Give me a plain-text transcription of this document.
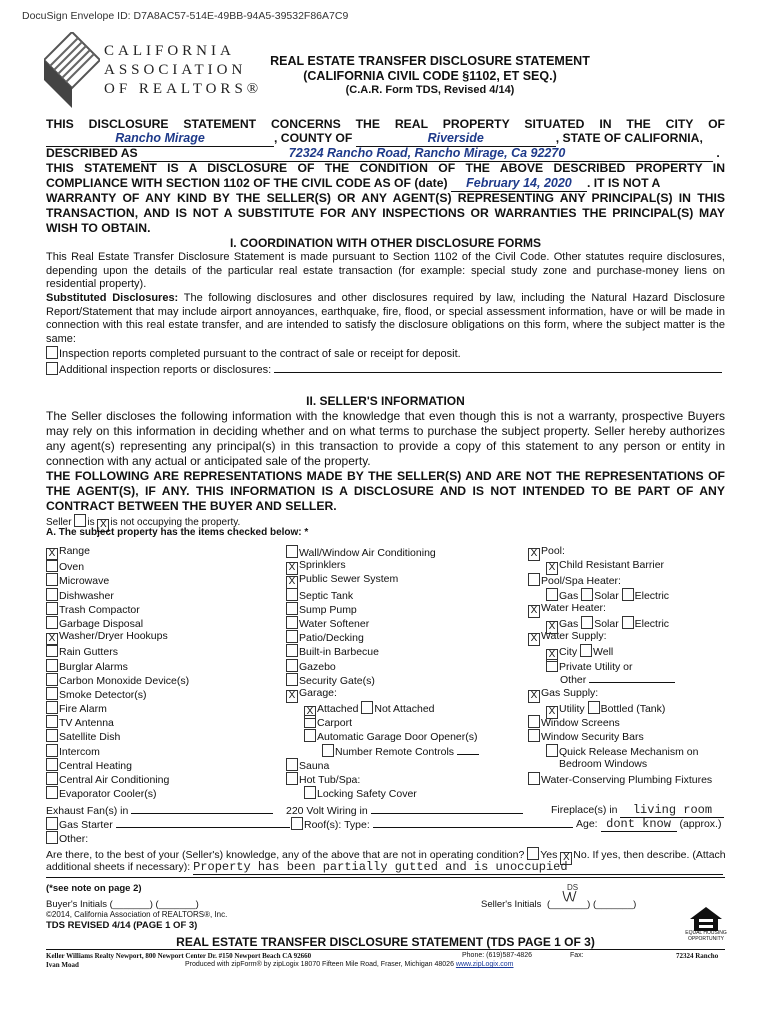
DocuSign Envelope ID: D7A8AC57-514E-49BB-94A5-39532F86A7C9
CALIFORNIA
ASSOCIATION
OF REALTORS®
REAL ESTATE TRANSFER DISCLOSURE STATEMENT
(CALIFORNIA CIVIL CODE §1102, ET SEQ.)
(C.A.R. Form TDS, Revised 4/14)
THIS DISCLOSURE STATEMENT CONCERNS THE REAL PROPERTY SITUATED IN THE CITY OF
Rancho Mirage	, COUNTY OF	Riverside	, STATE OF CALIFORNIA,
DESCRIBED AS	72324 Rancho Road, Rancho Mirage, Ca 92270	.
THIS STATEMENT IS A DISCLOSURE OF THE CONDITION OF THE ABOVE DESCRIBED PROPERTY IN
COMPLIANCE WITH SECTION 1102 OF THE CIVIL CODE AS OF (date) February 14, 2020 . IT IS NOT A
WARRANTY OF ANY KIND BY THE SELLER(S) OR ANY AGENT(S) REPRESENTING ANY PRINCIPAL(S) IN THIS TRANSACTION, AND IS NOT A SUBSTITUTE FOR ANY INSPECTIONS OR WARRANTIES THE PRINCIPAL(S) MAY WISH TO OBTAIN.
I. COORDINATION WITH OTHER DISCLOSURE FORMS
This Real Estate Transfer Disclosure Statement is made pursuant to Section 1102 of the Civil Code. Other statutes require disclosures, depending upon the details of the particular real estate transaction (for example: special study zone and purchase-money liens on residential property).
Substituted Disclosures: The following disclosures and other disclosures required by law, including the Natural Hazard Disclosure Report/Statement that may include airport annoyances, earthquake, fire, flood, or special assessment information, have or will be made in connection with this real estate transfer, and are intended to satisfy the disclosure obligations on this form, where the subject matter is the same:
Inspection reports completed pursuant to the contract of sale or receipt for deposit.
Additional inspection reports or disclosures:
II. SELLER'S INFORMATION
The Seller discloses the following information with the knowledge that even though this is not a warranty, prospective Buyers may rely on this information in deciding whether and on what terms to purchase the subject property. Seller hereby authorizes any agent(s) representing any principal(s) in this transaction to provide a copy of this statement to any person or entity in connection with any actual or anticipated sale of the property.
THE FOLLOWING ARE REPRESENTATIONS MADE BY THE SELLER(S) AND ARE NOT THE REPRESENTATIONS OF THE AGENT(S), IF ANY. THIS INFORMATION IS A DISCLOSURE AND IS NOT INTENDED TO BE PART OF ANY CONTRACT BETWEEN THE BUYER AND SELLER.
Seller is X is not occupying the property.
A. The subject property has the items checked below: *
X Range
Oven
Microwave
Dishwasher
Trash Compactor
Garbage Disposal
X Washer/Dryer Hookups
Rain Gutters
Burglar Alarms
Carbon Monoxide Device(s)
Smoke Detector(s)
Fire Alarm
TV Antenna
Satellite Dish
Intercom
Central Heating
Central Air Conditioning
Evaporator Cooler(s)
Wall/Window Air Conditioning
X Sprinklers
X Public Sewer System
Septic Tank
Sump Pump
Water Softener
Patio/Decking
Built-in Barbecue
Gazebo
Security Gate(s)
X Garage:
X Attached Not Attached
Carport
Automatic Garage Door Opener(s)
Number Remote Controls
Sauna
Hot Tub/Spa:
Locking Safety Cover
X Pool:
X Child Resistant Barrier
Pool/Spa Heater:
Gas Solar Electric
X Water Heater:
X Gas Solar Electric
X Water Supply:
X City Well
Private Utility or
Other
X Gas Supply:
X Utility Bottled (Tank)
Window Screens
Window Security Bars
Quick Release Mechanism on
Bedroom Windows
Water-Conserving Plumbing Fixtures
Exhaust Fan(s) in	220 Volt Wiring in	Fireplace(s) in living room
Gas Starter	Roof(s): Type:	Age: dont know (approx.)
Other:
Are there, to the best of your (Seller's) knowledge, any of the above that are not in operating condition? Yes X No. If yes, then describe. (Attach
additional sheets if necessary): Property has been partially gutted and is unoccupied
(*see note on page 2)
Buyer's Initials (_______) (_______)	Seller's Initials
DS
(_______) (_______)
©2014, California Association of REALTORS®, Inc.
TDS REVISED 4/14 (PAGE 1 OF 3)
EQUAL HOUSING OPPORTUNITY
REAL ESTATE TRANSFER DISCLOSURE STATEMENT (TDS PAGE 1 OF 3)
Keller Williams Realty Newport, 800 Newport Center Dr. #150 Newport Beach CA 92660
Ivan Moad
Phone: (619)587-4826	Fax:	72324 Rancho
Produced with zipForm® by zipLogix 18070 Fifteen Mile Road, Fraser, Michigan 48026 www.zipLogix.com
